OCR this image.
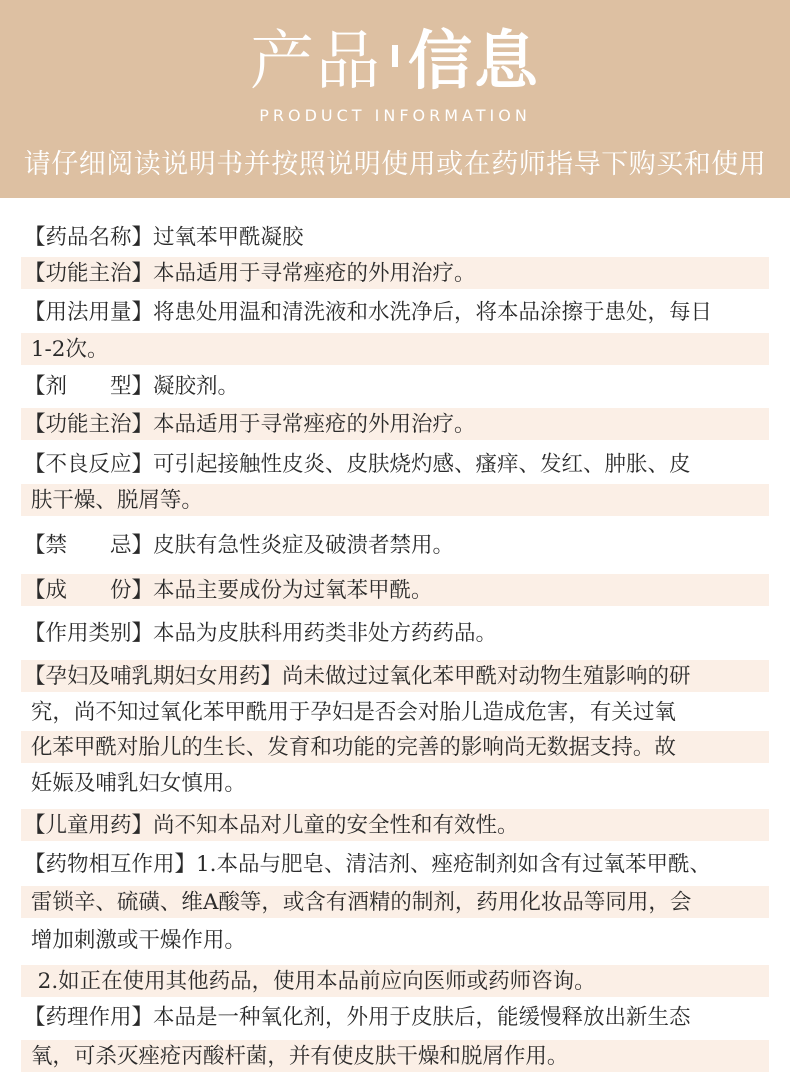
产品 信息
PRODUCT INFORMATION
请仔细阅读说明书并按照说明使用或在药师指导下购买和使用
【药品名称】过氧苯甲酰凝胶
【功能主治】本品适用于寻常痤疮的外用治疗。
【用法用量】将患处用温和清洗液和水洗净后，将本品涂擦于患处，每日
1-2次。
【剂　　型】凝胶剂。
【功能主治】本品适用于寻常痤疮的外用治疗。
【不良反应】可引起接触性皮炎、皮肤烧灼感、瘙痒、发红、肿胀、皮
肤干燥、脱屑等。
【禁　　忌】皮肤有急性炎症及破溃者禁用。
【成　　份】本品主要成份为过氧苯甲酰。
【作用类别】本品为皮肤科用药类非处方药药品。
【孕妇及哺乳期妇女用药】尚未做过过氧化苯甲酰对动物生殖影响的研
究，尚不知过氧化苯甲酰用于孕妇是否会对胎儿造成危害，有关过氧
化苯甲酰对胎儿的生长、发育和功能的完善的影响尚无数据支持。故
妊娠及哺乳妇女慎用。
【儿童用药】尚不知本品对儿童的安全性和有效性。
【药物相互作用】1.本品与肥皂、清洁剂、痤疮制剂如含有过氧苯甲酰、
雷锁辛、硫磺、维A酸等，或含有酒精的制剂，药用化妆品等同用，会
增加刺激或干燥作用。
2.如正在使用其他药品，使用本品前应向医师或药师咨询。
【药理作用】本品是一种氧化剂，外用于皮肤后，能缓慢释放出新生态
氧，可杀灭痤疮丙酸杆菌，并有使皮肤干燥和脱屑作用。
